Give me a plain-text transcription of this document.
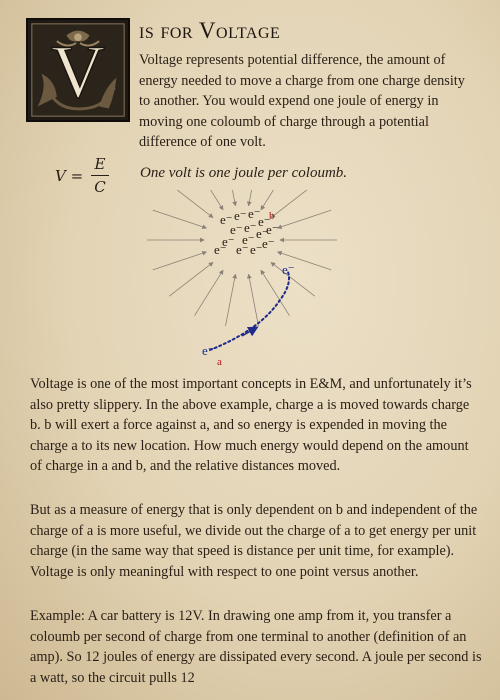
V
is for Voltage

Voltage represents potential difference, the amount of energy needed to move a charge from one charge density to another. You would expend one joule of energy in moving one coloumb of charge through a potential difference of one volt.

V =
E
C
One volt is one joule per coloumb.
e⁻ e⁻ e⁻
e⁻
e⁻ e⁻ e⁻
e⁻
e⁻ e⁻ e⁻
e⁻
e⁻
e⁻
b
e⁻
e⁻
a

Voltage is one of the most important concepts in E&M, and unfortunately it’s also pretty slippery. In the above example, charge a is moved towards charge b. b will exert a force against a, and so energy is expended in moving the charge a to its new location. How much energy would depend on the amount of charge in a and b, and the relative distances moved.

But as a measure of energy that is only dependent on b and independent of the charge of a is more useful, we divide out the charge of a to get energy per unit charge (in the same way that speed is distance per unit time, for example). Voltage is only meaningful with respect to one point versus another.

Example: A car battery is 12V. In drawing one amp from it, you transfer a coloumb per second of charge from one terminal to another (definition of an amp). So 12 joules of energy are dissipated every second. A joule per second is a watt, so the circuit pulls 12
